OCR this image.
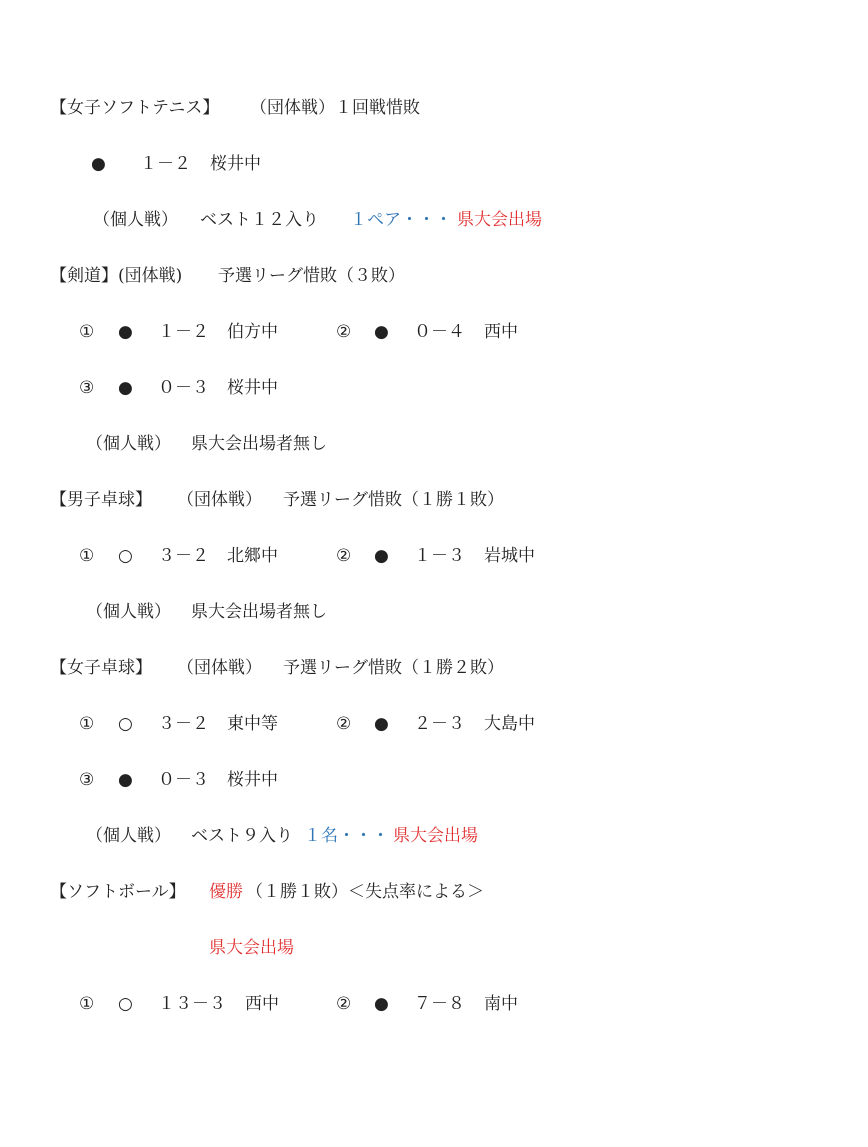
【女子ソフトテニス】 （団体戦）１回戦惜敗
● １－２ 桜井中
（個人戦） ベスト１２入り １ペア・・・ 県大会出場
【剣道】 (団体戦) 予選リーグ惜敗（３敗）
① ● １－２ 伯方中	② ● ０－４ 西中
③ ● ０－３ 桜井中
（個人戦） 県大会出場者無し
【男子卓球】 （団体戦） 予選リーグ惜敗（１勝１敗）
① ○ ３－２ 北郷中	② ● １－３ 岩城中
（個人戦） 県大会出場者無し
【女子卓球】 （団体戦） 予選リーグ惜敗（１勝２敗）
① ○ ３－２ 東中等	② ● ２－３ 大島中
③ ● ０－３ 桜井中
（個人戦） ベスト９入り １名・・・ 県大会出場
【ソフトボール】 優勝 （１勝１敗）＜失点率による＞
県大会出場
① ○ １３－３ 西中	② ● ７－８ 南中
